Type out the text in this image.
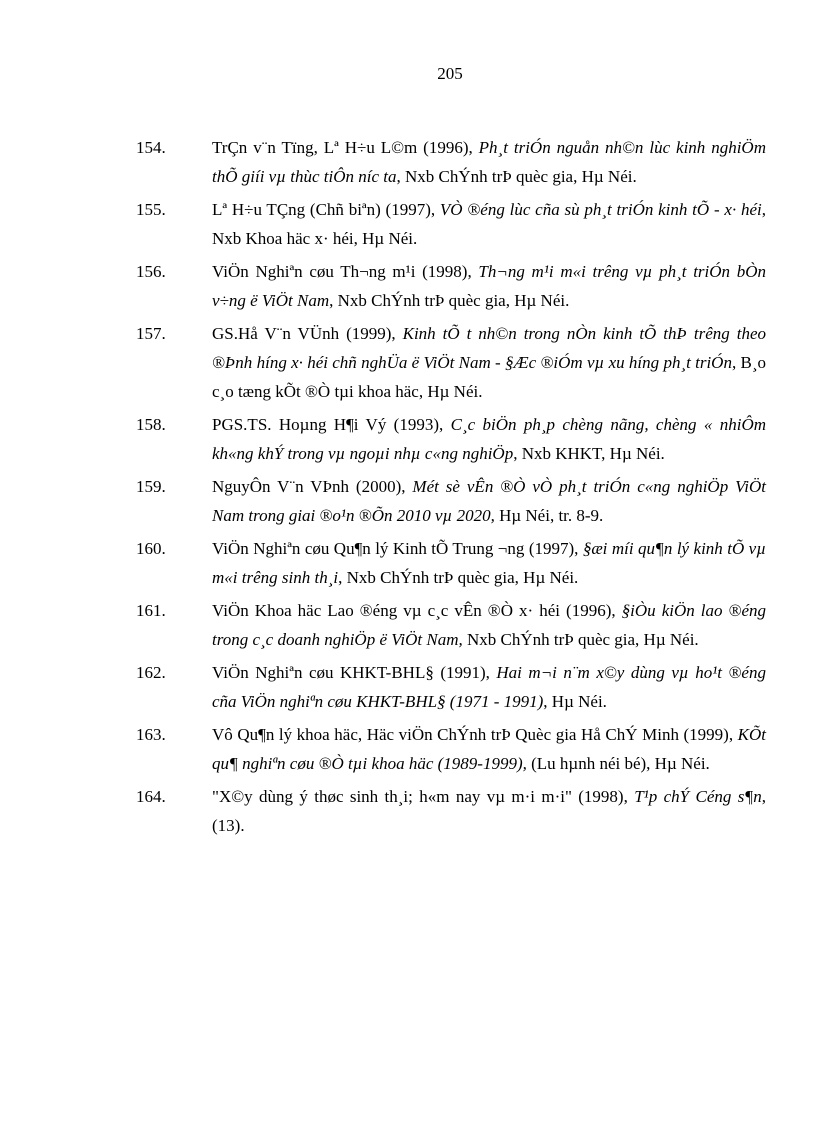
205
154.	TrÇn v¨n Tïng, Lª H÷u L©m (1996), Ph¸t triÓn nguån nh©n lùc kinh nghiÖm thÕ giíi vµ thùc tiÔn níc ta, Nxb ChÝnh trÞ quèc gia, Hµ Néi.
155.	Lª H÷u TÇng (Chñ biªn) (1997), VÒ ®éng lùc cña sù ph¸t triÓn kinh tÕ - x· héi, Nxb Khoa häc x· héi, Hµ Néi.
156.	ViÖn Nghiªn cøu Th¬ng m¹i (1998), Th¬ng m¹i m«i trêng vµ ph¸t triÓn bÒn v÷ng ë ViÖt Nam, Nxb ChÝnh trÞ quèc gia, Hµ Néi.
157.	GS.Hå V¨n VÜnh (1999), Kinh tÕ t nh©n trong nÒn kinh tÕ thÞ trêng theo ®Þnh híng x· héi chñ nghÜa ë ViÖt Nam - §Æc ®iÓm vµ xu híng ph¸t triÓn, B¸o c¸o tæng kÕt ®Ò tµi khoa häc, Hµ Néi.
158.	PGS.TS. Hoµng H¶i Vý (1993), C¸c biÖn ph¸p chèng nãng, chèng « nhiÔm kh«ng khÝ trong vµ ngoµi nhµ c«ng nghiÖp, Nxb KHKT, Hµ Néi.
159.	NguyÔn V¨n VÞnh (2000), Mét sè vÊn ®Ò vÒ ph¸t triÓn c«ng nghiÖp ViÖt Nam trong giai ®o¹n ®Õn 2010 vµ 2020, Hµ Néi, tr. 8-9.
160.	ViÖn Nghiªn cøu Qu¶n lý Kinh tÕ Trung ¬ng (1997), §æi míi qu¶n lý kinh tÕ vµ m«i trêng sinh th¸i, Nxb ChÝnh trÞ quèc gia, Hµ Néi.
161.	ViÖn Khoa häc Lao ®éng vµ c¸c vÊn ®Ò x· héi (1996), §iÒu kiÖn lao ®éng trong c¸c doanh nghiÖp ë ViÖt Nam, Nxb ChÝnh trÞ quèc gia, Hµ Néi.
162.	ViÖn Nghiªn cøu KHKT-BHL§ (1991), Hai m¬i n¨m x©y dùng vµ ho¹t ®éng cña ViÖn nghiªn cøu KHKT-BHL§ (1971 - 1991), Hµ Néi.
163.	Vô Qu¶n lý khoa häc, Häc viÖn ChÝnh trÞ Quèc gia Hå ChÝ Minh (1999), KÕt qu¶ nghiªn cøu ®Ò tµi khoa häc (1989-1999), (Lu hµnh néi bé), Hµ Néi.
164.	"X©y dùng ý thøc sinh th¸i; h«m nay vµ m·i m·i" (1998), T¹p chÝ Céng s¶n, (13).
